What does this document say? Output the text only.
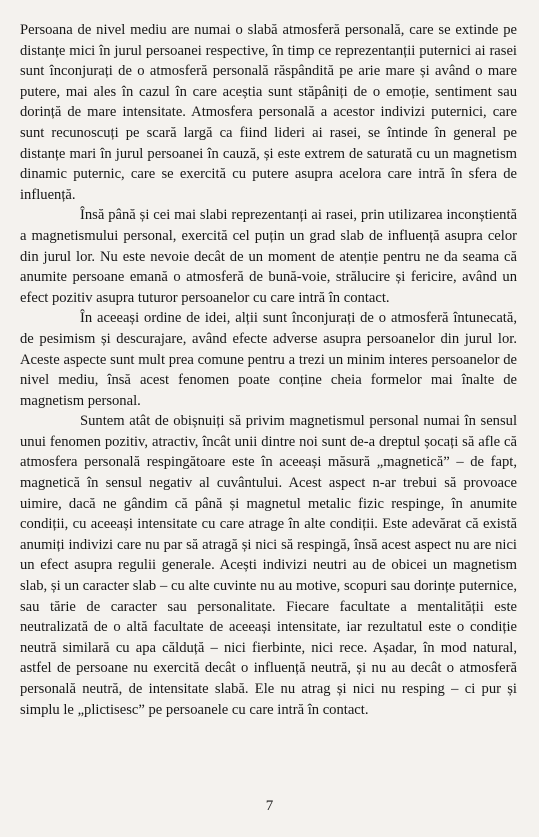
Persoana de nivel mediu are numai o slabă atmosferă personală, care se extinde pe distanțe mici în jurul persoanei respective, în timp ce reprezentanții puternici ai rasei sunt înconjurați de o atmosferă personală răspândită pe arie mare și având o mare putere, mai ales în cazul în care aceștia sunt stăpâniți de o emoție, sentiment sau dorință de mare intensitate. Atmosfera personală a acestor indivizi puternici, care sunt recunoscuți pe scară largă ca fiind lideri ai rasei, se întinde în general pe distanțe mari în jurul persoanei în cauză, și este extrem de saturată cu un magnetism dinamic puternic, care se exercită cu putere asupra acelora care intră în sfera de influență.

Însă până și cei mai slabi reprezentanți ai rasei, prin utilizarea inconștientă a magnetismului personal, exercită cel puțin un grad slab de influență asupra celor din jurul lor. Nu este nevoie decât de un moment de atenție pentru ne da seama că anumite persoane emană o atmosferă de bună-voie, strălucire și fericire, având un efect pozitiv asupra tuturor persoanelor cu care intră în contact.

În aceeași ordine de idei, alții sunt înconjurați de o atmosferă întunecată, de pesimism și descurajare, având efecte adverse asupra persoanelor din jurul lor. Aceste aspecte sunt mult prea comune pentru a trezi un minim interes persoanelor de nivel mediu, însă acest fenomen poate conține cheia formelor mai înalte de magnetism personal.

Suntem atât de obișnuiți să privim magnetismul personal numai în sensul unui fenomen pozitiv, atractiv, încât unii dintre noi sunt de-a dreptul șocați să afle că atmosfera personală respingătoare este în aceeași măsură „magnetică” – de fapt, magnetică în sensul negativ al cuvântului. Acest aspect n-ar trebui să provoace uimire, dacă ne gândim că până și magnetul metalic fizic respinge, în anumite condiții, cu aceeași intensitate cu care atrage în alte condiții. Este adevărat că există anumiți indivizi care nu par să atragă și nici să respingă, însă acest aspect nu are nici un efect asupra regulii generale. Acești indivizi neutri au de obicei un magnetism slab, și un caracter slab – cu alte cuvinte nu au motive, scopuri sau dorințe puternice, sau tărie de caracter sau personalitate. Fiecare facultate a mentalității este neutralizată de o altă facultate de aceeași intensitate, iar rezultatul este o condiție neutră similară cu apa călduță – nici fierbinte, nici rece. Așadar, în mod natural, astfel de persoane nu exercită decât o influență neutră, și nu au decât o atmosferă personală neutră, de intensitate slabă. Ele nu atrag și nici nu resping – ci pur și simplu le „plictisesc” pe persoanele cu care intră în contact.

7
